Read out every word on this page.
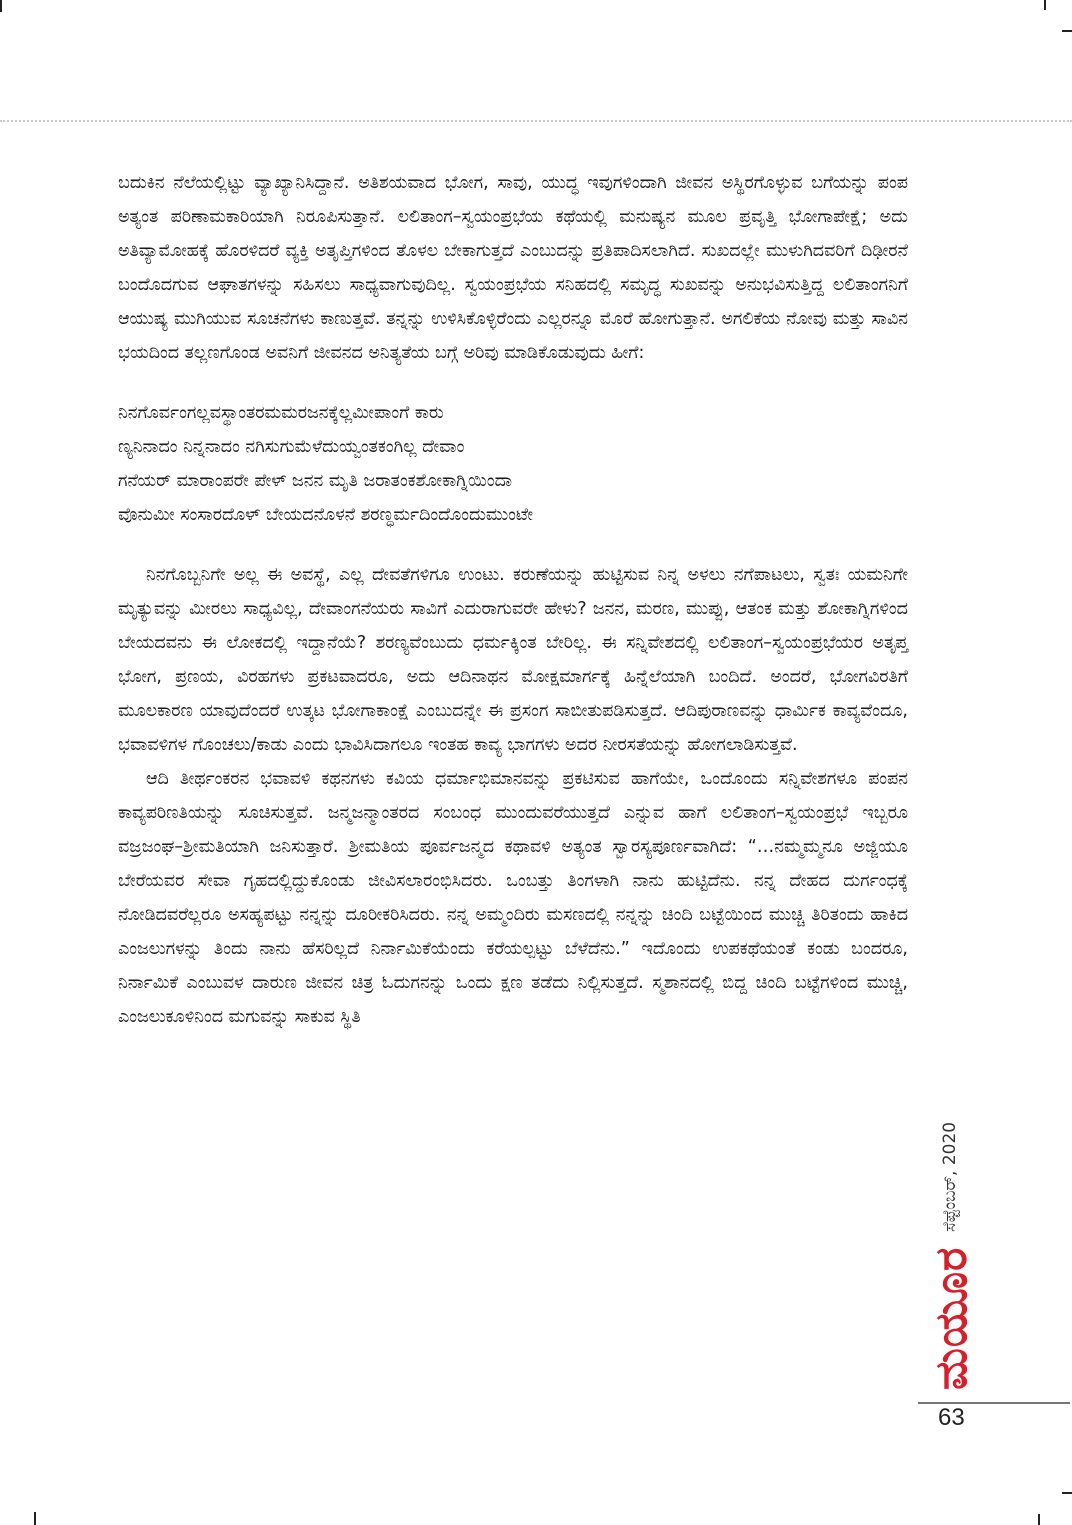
ಬದುಕಿನ ನೆಲೆಯಲ್ಲಿಟ್ಟು ವ್ಯಾಖ್ಯಾನಿಸಿದ್ದಾನೆ. ಅತಿಶಯವಾದ ಭೋಗ, ಸಾವು, ಯುದ್ಧ ಇವುಗಳಿಂದಾಗಿ ಜೀವನ ಅಸ್ಥಿರಗೊಳ್ಳುವ ಬಗೆಯನ್ನು ಪಂಪ ಅತ್ಯಂತ ಪರಿಣಾಮಕಾರಿಯಾಗಿ ನಿರೂಪಿಸುತ್ತಾನೆ. ಲಲಿತಾಂಗ–ಸ್ವಯಂಪ್ರಭೆಯ ಕಥೆಯಲ್ಲಿ ಮನುಷ್ಯನ ಮೂಲ ಪ್ರವೃತ್ತಿ ಭೋಗಾಪೇಕ್ಷೆ; ಅದು ಅತಿವ್ಯಾಮೋಹಕ್ಕೆ ಹೊರಳಿದರೆ ವ್ಯಕ್ತಿ ಅತೃಪ್ತಿಗಳಿಂದ ತೊಳಲ ಬೇಕಾಗುತ್ತದೆ ಎಂಬುದನ್ನು ಪ್ರತಿಪಾದಿಸಲಾಗಿದೆ. ಸುಖದಲ್ಲೇ ಮುಳುಗಿದವರಿಗೆ ದಿಢೀರನೆ ಬಂದೊದಗುವ ಆಘಾತಗಳನ್ನು ಸಹಿಸಲು ಸಾಧ್ಯವಾಗುವುದಿಲ್ಲ. ಸ್ವಯಂಪ್ರಭೆಯ ಸನಿಹದಲ್ಲಿ ಸಮೃದ್ಧ ಸುಖವನ್ನು ಅನುಭವಿಸುತ್ತಿದ್ದ ಲಲಿತಾಂಗನಿಗೆ ಆಯುಷ್ಯ ಮುಗಿಯುವ ಸೂಚನೆಗಳು ಕಾಣುತ್ತವೆ. ತನ್ನನ್ನು ಉಳಿಸಿಕೊಳ್ಳಿರೆಂದು ಎಲ್ಲರನ್ನೂ ಮೊರೆ ಹೋಗುತ್ತಾನೆ. ಅಗಲಿಕೆಯ ನೋವು ಮತ್ತು ಸಾವಿನ ಭಯದಿಂದ ತಲ್ಲಣಗೊಂಡ ಅವನಿಗೆ ಜೀವನದ ಅನಿತ್ಯತೆಯ ಬಗ್ಗೆ ಅರಿವು ಮಾಡಿಕೊಡುವುದು ಹೀಗೆ:

ನಿನಗೊರ್ವಂಗಲ್ಲವಸ್ಥಾಂತರಮಮರಜನಕ್ಕೆಲ್ಲಮೀಪಾಂಗೆ ಕಾರು
ಣ್ಯನಿನಾದಂ ನಿನ್ನನಾದಂ ನಗಿಸುಗುಮೆಳೆದುಯ್ವಂತಕಂಗಿಲ್ಲ ದೇವಾಂ
ಗನೆಯರ್ ಮಾರಾಂಪರೇ ಪೇಳ್ ಜನನ ಮೃತಿ ಜರಾತಂಕಶೋಕಾಗ್ನಿಯಿಂದಾ
ವೊನುಮೀ ಸಂಸಾರದೊಳ್ ಬೇಯದನೊಳನೆ ಶರಣ್ಧರ್ಮದಿಂದೊಂದುಮುಂಟೇ

ನಿನಗೊಬ್ಬನಿಗೇ ಅಲ್ಲ ಈ ಅವಸ್ಥೆ, ಎಲ್ಲ ದೇವತೆಗಳಿಗೂ ಉಂಟು. ಕರುಣೆಯನ್ನು ಹುಟ್ಟಿಸುವ ನಿನ್ನ ಅಳಲು ನಗೆಪಾಟಲು, ಸ್ವತಃ ಯಮನಿಗೇ ಮೃತ್ಯುವನ್ನು ಮೀರಲು ಸಾಧ್ಯವಿಲ್ಲ, ದೇವಾಂಗನೆಯರು ಸಾವಿಗೆ ಎದುರಾಗುವರೇ ಹೇಳು? ಜನನ, ಮರಣ, ಮುಪ್ಪು, ಆತಂಕ ಮತ್ತು ಶೋಕಾಗ್ನಿಗಳಿಂದ ಬೇಯದವನು ಈ ಲೋಕದಲ್ಲಿ ಇದ್ದಾನೆಯೆ? ಶರಣ್ಯವೆಂಬುದು ಧರ್ಮಕ್ಕಿಂತ ಬೇರಿಲ್ಲ. ಈ ಸನ್ನಿವೇಶದಲ್ಲಿ ಲಲಿತಾಂಗ–ಸ್ವಯಂಪ್ರಭೆಯರ ಅತೃಪ್ತ ಭೋಗ, ಪ್ರಣಯ, ವಿರಹಗಳು ಪ್ರಕಟವಾದರೂ, ಅದು ಆದಿನಾಥನ ಮೋಕ್ಷಮಾರ್ಗಕ್ಕೆ ಹಿನ್ನೆಲೆಯಾಗಿ ಬಂದಿದೆ. ಅಂದರೆ, ಭೋಗವಿರತಿಗೆ ಮೂಲಕಾರಣ ಯಾವುದೆಂದರೆ ಉತ್ಕಟ ಭೋಗಾಕಾಂಕ್ಷೆ ಎಂಬುದನ್ನೇ ಈ ಪ್ರಸಂಗ ಸಾಬೀತುಪಡಿಸುತ್ತದೆ. ಆದಿಪುರಾಣವನ್ನು ಧಾರ್ಮಿಕ ಕಾವ್ಯವೆಂದೂ, ಭವಾವಳಿಗಳ ಗೊಂಚಲು/ಕಾಡು ಎಂದು ಭಾವಿಸಿದಾಗಲೂ ಇಂತಹ ಕಾವ್ಯ ಭಾಗಗಳು ಅದರ ನೀರಸತೆಯನ್ನು ಹೋಗಲಾಡಿಸುತ್ತವೆ.

ಆದಿ ತೀರ್ಥಂಕರನ ಭವಾವಳಿ ಕಥನಗಳು ಕವಿಯ ಧರ್ಮಾಭಿಮಾನವನ್ನು ಪ್ರಕಟಿಸುವ ಹಾಗೆಯೇ, ಒಂದೊಂದು ಸನ್ನಿವೇಶಗಳೂ ಪಂಪನ ಕಾವ್ಯಪರಿಣತಿಯನ್ನು ಸೂಚಿಸುತ್ತವೆ. ಜನ್ಮಜನ್ಮಾಂತರದ ಸಂಬಂಧ ಮುಂದುವರೆಯುತ್ತದೆ ಎನ್ನುವ ಹಾಗೆ ಲಲಿತಾಂಗ–ಸ್ವಯಂಪ್ರಭೆ ಇಬ್ಬರೂ ವಜ್ರಜಂಘ–ಶ್ರೀಮತಿಯಾಗಿ ಜನಿಸುತ್ತಾರೆ. ಶ್ರೀಮತಿಯ ಪೂರ್ವಜನ್ಮದ ಕಥಾವಳಿ ಅತ್ಯಂತ ಸ್ವಾರಸ್ಯಪೂರ್ಣವಾಗಿದೆ: “…ನಮ್ಮಮ್ಮನೂ ಅಜ್ಜಿಯೂ ಬೇರೆಯವರ ಸೇವಾ ಗೃಹದಲ್ಲಿದ್ದುಕೊಂಡು ಜೀವಿಸಲಾರಂಭಿಸಿದರು. ಒಂಬತ್ತು ತಿಂಗಳಾಗಿ ನಾನು ಹುಟ್ಟಿದೆನು. ನನ್ನ ದೇಹದ ದುರ್ಗಂಧಕ್ಕೆ ನೋಡಿದವರೆಲ್ಲರೂ ಅಸಹ್ಯಪಟ್ಟು ನನ್ನನ್ನು ದೂರೀಕರಿಸಿದರು. ನನ್ನ ಅಮ್ಮಂದಿರು ಮಸಣದಲ್ಲಿ ನನ್ನನ್ನು ಚಿಂದಿ ಬಟ್ಟೆಯಿಂದ ಮುಚ್ಚಿ ತಿರಿತಂದು ಹಾಕಿದ ಎಂಜಲುಗಳನ್ನು ತಿಂದು ನಾನು ಹೆಸರಿಲ್ಲದೆ ನಿರ್ನಾಮಿಕೆಯೆಂದು ಕರೆಯಲ್ಪಟ್ಟು ಬೆಳೆದೆನು.” ಇದೊಂದು ಉಪಕಥೆಯಂತೆ ಕಂಡು ಬಂದರೂ, ನಿರ್ನಾಮಿಕೆ ಎಂಬುವಳ ದಾರುಣ ಜೀವನ ಚಿತ್ರ ಓದುಗನನ್ನು ಒಂದು ಕ್ಷಣ ತಡೆದು ನಿಲ್ಲಿಸುತ್ತದೆ. ಸ್ಮಶಾನದಲ್ಲಿ ಬಿದ್ದ ಚಿಂದಿ ಬಟ್ಟೆಗಳಿಂದ ಮುಚ್ಚಿ, ಎಂಜಲುಕೂಳಿನಿಂದ ಮಗುವನ್ನು ಸಾಕುವ ಸ್ಥಿತಿ

ಸೆಪ್ಟೆಂಬರ್, 2020
ಮಯೂರ
63
